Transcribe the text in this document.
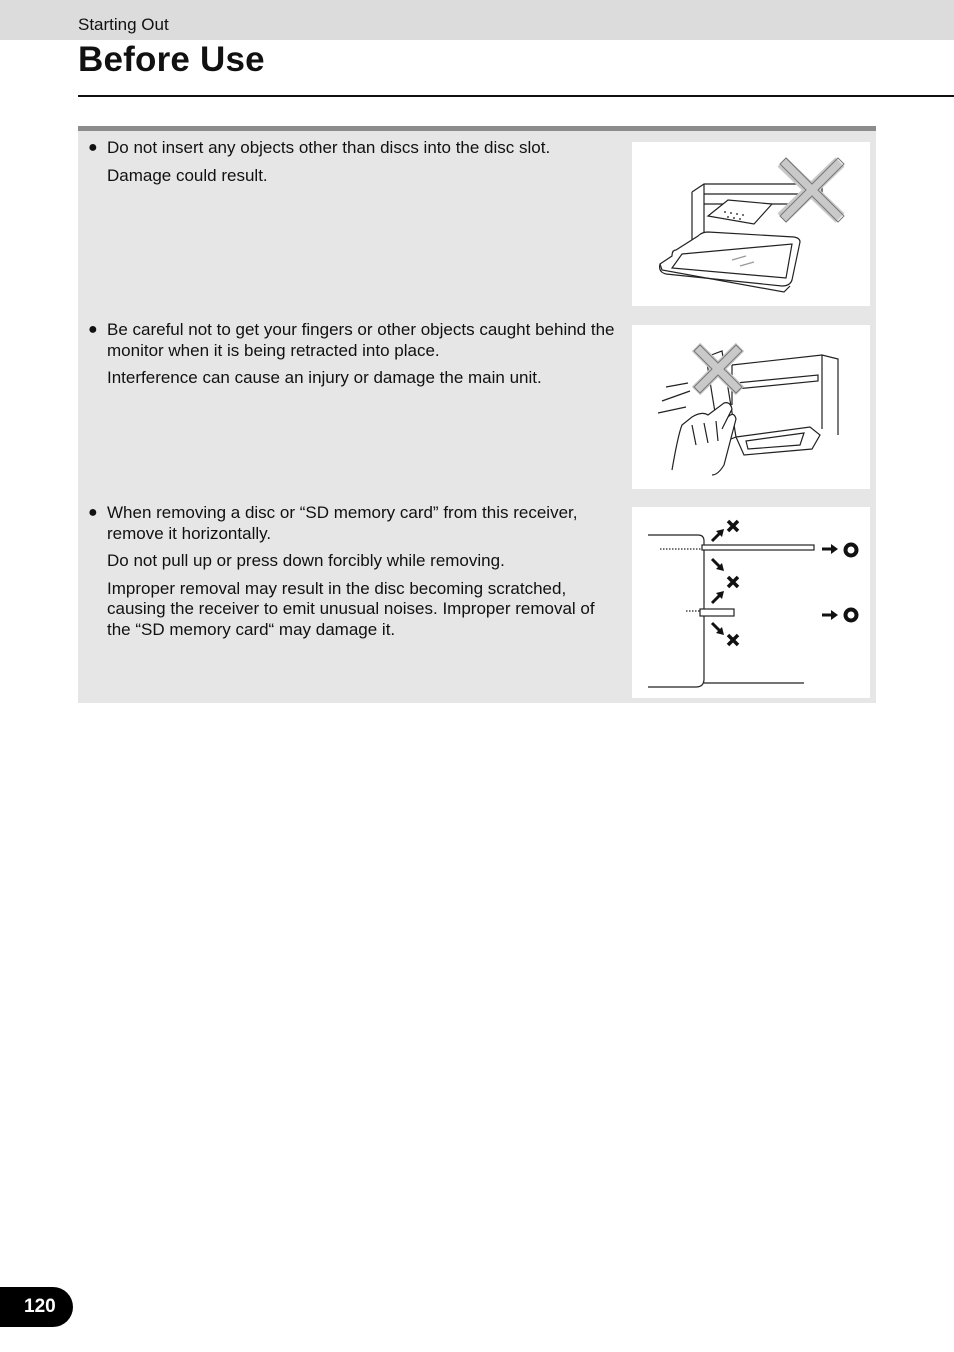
Starting Out
Before Use
● Do not insert any objects other than discs into the disc slot.

Damage could result.

● Be careful not to get your fingers or other objects caught behind the monitor when it is being retracted into place.

Interference can cause an injury or damage the main unit.

● When removing a disc or “SD memory card” from this receiver, remove it horizontally.

Do not pull up or press down forcibly while removing.

Improper removal may result in the disc becoming scratched, causing the receiver to emit unusual noises. Improper removal of the “SD memory card“ may damage it.

120
